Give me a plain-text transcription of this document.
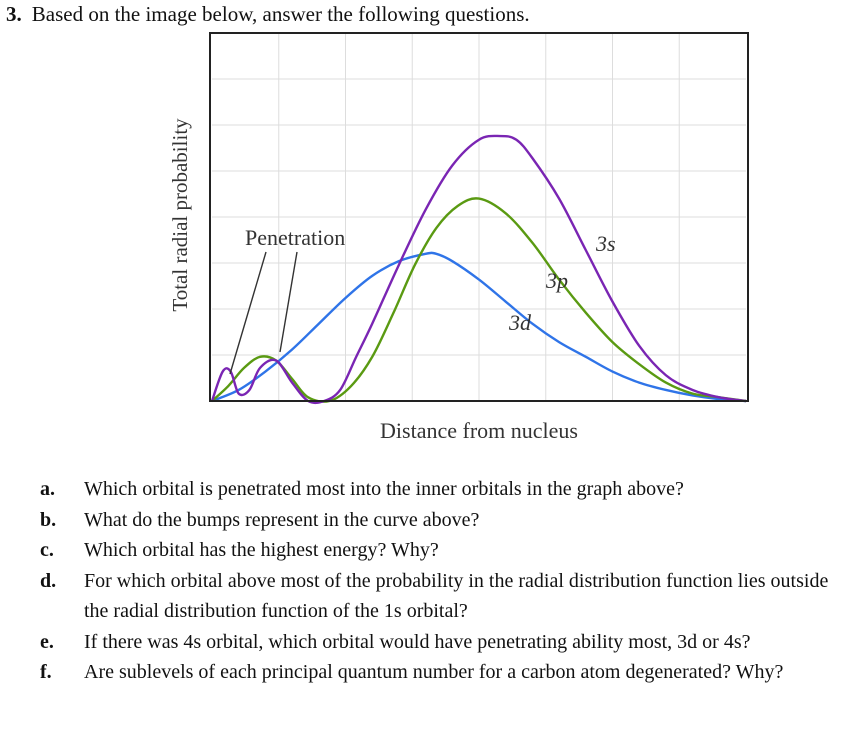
3. Based on the image below, answer the following questions.
Penetration	3s
3p
3d
Total radial probability
Distance from nucleus
a. Which orbital is penetrated most into the inner orbitals in the graph above?
b. What do the bumps represent in the curve above?
c. Which orbital has the highest energy? Why?
d. For which orbital above most of the probability in the radial distribution function lies outside the radial distribution function of the 1s orbital?
e. If there was 4s orbital, which orbital would have penetrating ability most, 3d or 4s?
f. Are sublevels of each principal quantum number for a carbon atom degenerated? Why?
